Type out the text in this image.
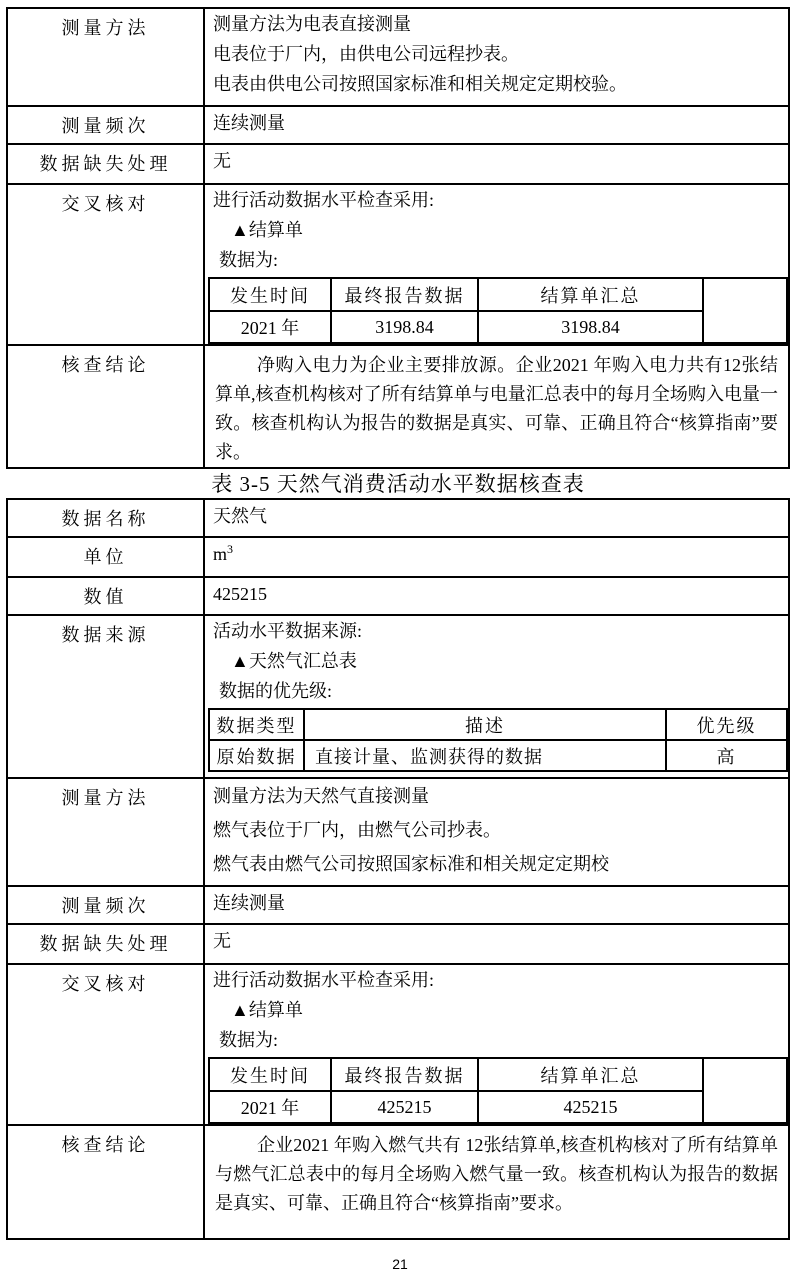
测量方法	测量方法为电表直接测量
电表位于厂内，由供电公司远程抄表。
电表由供电公司按照国家标准和相关规定定期校验。

测量频次	连续测量

数据缺失处理	无

交叉核对	进行活动数据水平检查采用:
▲结算单
数据为:
发生时间	最终报告数据	结算单汇总	
2021 年	3198.84	3198.84

核查结论	净购入电力为企业主要排放源。企业2021 年购入电力共有12张结算单,核查机构核对了所有结算单与电量汇总表中的每月全场购入电量一致。核查机构认为报告的数据是真实、可靠、正确且符合“核算指南”要求。
表 3-5 天然气消费活动水平数据核查表
数据名称	天然气

单位	$m^3$

数值	425215

数据来源	活动水平数据来源:
▲天然气汇总表
数据的优先级:
数据类型	描述	优先级
原始数据	直接计量、监测获得的数据	高

测量方法	测量方法为天然气直接测量
燃气表位于厂内，由燃气公司抄表。
燃气表由燃气公司按照国家标准和相关规定定期校

测量频次	连续测量

数据缺失处理	无

交叉核对	进行活动数据水平检查采用:
▲结算单
数据为:
发生时间	最终报告数据	结算单汇总	
2021 年	425215	425215

核查结论	企业2021 年购入燃气共有 12张结算单,核查机构核对了所有结算单与燃气汇总表中的每月全场购入燃气量一致。核查机构认为报告的数据是真实、可靠、正确且符合“核算指南”要求。
21
